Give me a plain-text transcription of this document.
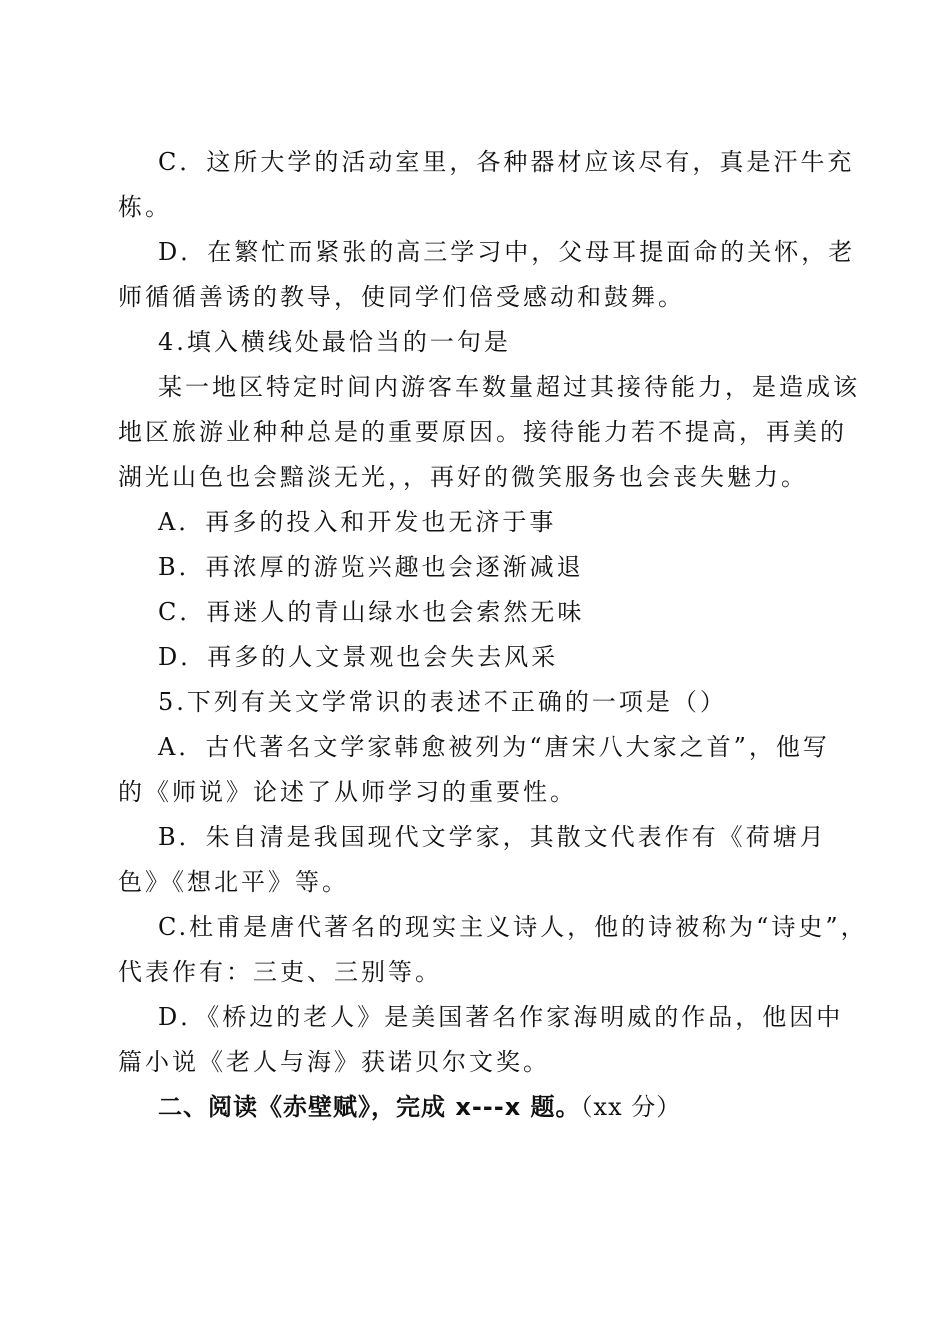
C．这所大学的活动室里，各种器材应该尽有，真是汗牛充
栋。
D．在繁忙而紧张的高三学习中，父母耳提面命的关怀，老
师循循善诱的教导，使同学们倍受感动和鼓舞。
4.填入横线处最恰当的一句是
某一地区特定时间内游客车数量超过其接待能力，是造成该
地区旅游业种种总是的重要原因。接待能力若不提高，再美的
湖光山色也会黯淡无光，，再好的微笑服务也会丧失魅力。
A．再多的投入和开发也无济于事
B．再浓厚的游览兴趣也会逐渐减退
C．再迷人的青山绿水也会索然无味
D．再多的人文景观也会失去风采
5.下列有关文学常识的表述不正确的一项是（）
A．古代著名文学家韩愈被列为“唐宋八大家之首”，他写
的《师说》论述了从师学习的重要性。
B．朱自清是我国现代文学家，其散文代表作有《荷塘月
色》《想北平》等。
C.杜甫是唐代著名的现实主义诗人，他的诗被称为“诗史”，
代表作有：三吏、三别等。
D．《桥边的老人》是美国著名作家海明威的作品，他因中
篇小说《老人与海》获诺贝尔文奖。
二、阅读《赤壁赋》，完成 x---x 题。（xx 分）
